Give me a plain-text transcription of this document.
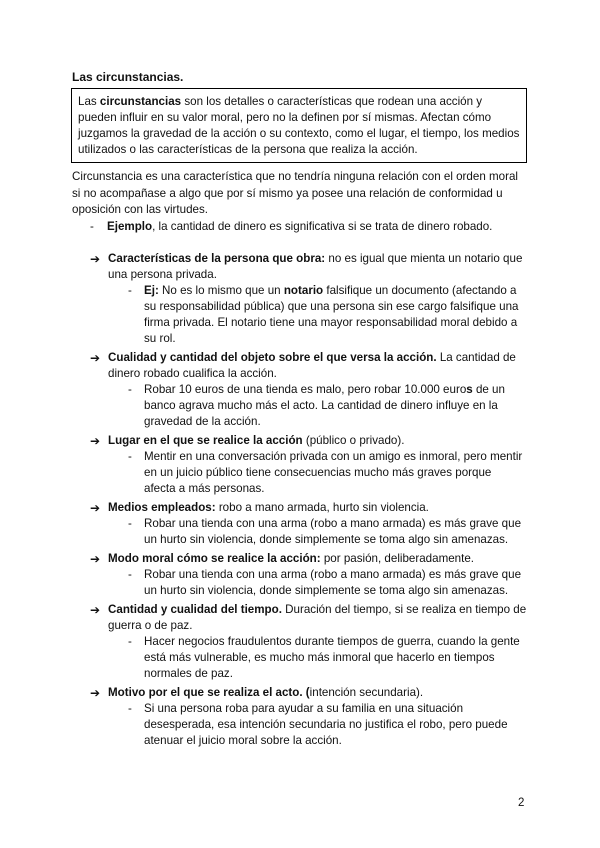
Las circunstancias.
Las circunstancias son los detalles o características que rodean una acción y pueden influir en su valor moral, pero no la definen por sí mismas. Afectan cómo juzgamos la gravedad de la acción o su contexto, como el lugar, el tiempo, los medios utilizados o las características de la persona que realiza la acción.
Circunstancia es una característica que no tendría ninguna relación con el orden moral si no acompañase a algo que por sí mismo ya posee una relación de conformidad u oposición con las virtudes.
- Ejemplo, la cantidad de dinero es significativa si se trata de dinero robado.
➔ Características de la persona que obra: no es igual que mienta un notario que una persona privada.
- Ej: No es lo mismo que un notario falsifique un documento (afectando a su responsabilidad pública) que una persona sin ese cargo falsifique una firma privada. El notario tiene una mayor responsabilidad moral debido a su rol.
➔ Cualidad y cantidad del objeto sobre el que versa la acción. La cantidad de dinero robado cualifica la acción.
- Robar 10 euros de una tienda es malo, pero robar 10.000 euros de un banco agrava mucho más el acto. La cantidad de dinero influye en la gravedad de la acción.
➔ Lugar en el que se realice la acción (público o privado).
- Mentir en una conversación privada con un amigo es inmoral, pero mentir en un juicio público tiene consecuencias mucho más graves porque afecta a más personas.
➔ Medios empleados: robo a mano armada, hurto sin violencia.
- Robar una tienda con una arma (robo a mano armada) es más grave que un hurto sin violencia, donde simplemente se toma algo sin amenazas.
➔ Modo moral cómo se realice la acción: por pasión, deliberadamente.
- Robar una tienda con una arma (robo a mano armada) es más grave que un hurto sin violencia, donde simplemente se toma algo sin amenazas.
➔ Cantidad y cualidad del tiempo. Duración del tiempo, si se realiza en tiempo de guerra o de paz.
- Hacer negocios fraudulentos durante tiempos de guerra, cuando la gente está más vulnerable, es mucho más inmoral que hacerlo en tiempos normales de paz.
➔ Motivo por el que se realiza el acto. (intención secundaria).
- Si una persona roba para ayudar a su familia en una situación desesperada, esa intención secundaria no justifica el robo, pero puede atenuar el juicio moral sobre la acción.
2
